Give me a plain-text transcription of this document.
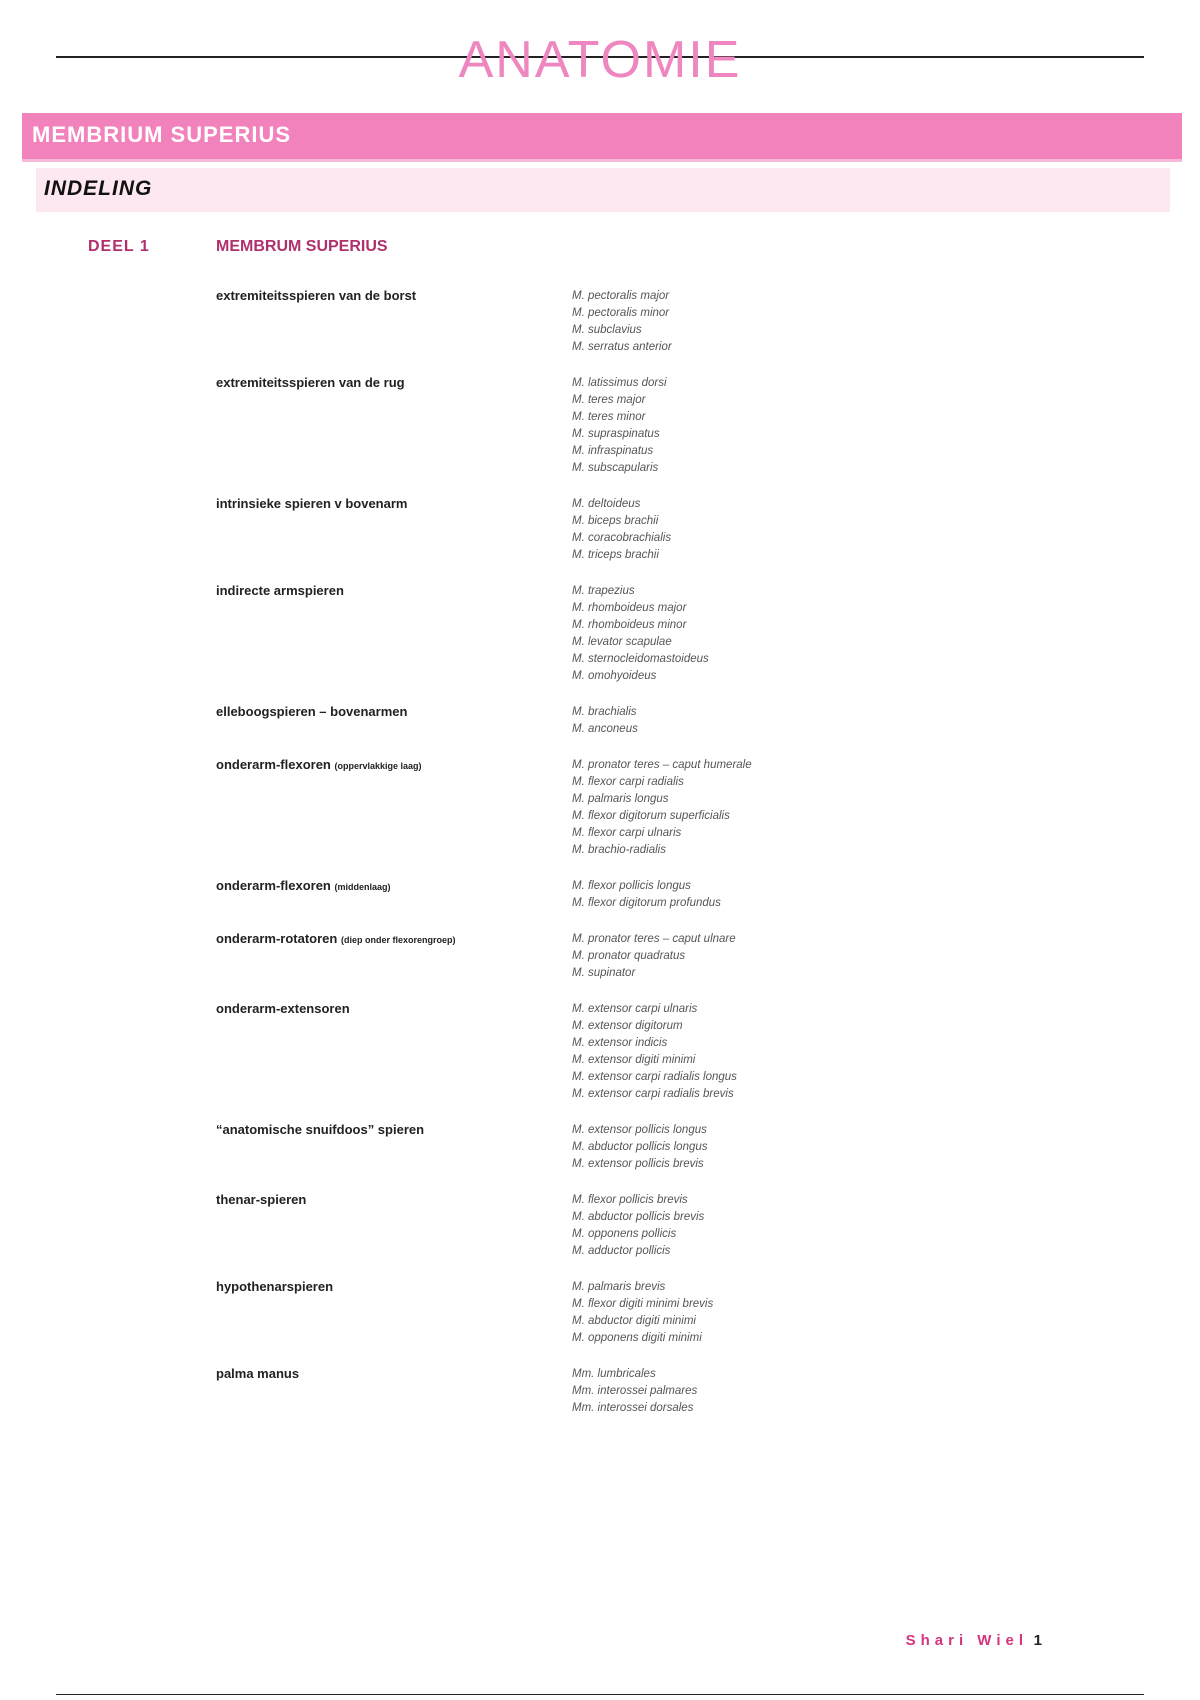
ANATOMIE
MEMBRIUM SUPERIUS
INDELING
DEEL 1	MEMBRUM SUPERIUS
extremiteitsspieren van de borst	M. pectoralis major
M. pectoralis minor
M. subclavius
M. serratus anterior
extremiteitsspieren van de rug	M. latissimus dorsi
M. teres major
M. teres minor
M. supraspinatus
M. infraspinatus
M. subscapularis
intrinsieke spieren v bovenarm	M. deltoideus
M. biceps brachii
M. coracobrachialis
M. triceps brachii
indirecte armspieren	M. trapezius
M. rhomboideus major
M. rhomboideus minor
M. levator scapulae
M. sternocleidomastoideus
M. omohyoideus
elleboogspieren – bovenarmen	M. brachialis
M. anconeus
onderarm-flexoren (oppervlakkige laag)	M. pronator teres – caput humerale
M. flexor carpi radialis
M. palmaris longus
M. flexor digitorum superficialis
M. flexor carpi ulnaris
M. brachio-radialis
onderarm-flexoren (middenlaag)	M. flexor pollicis longus
M. flexor digitorum profundus
onderarm-rotatoren (diep onder flexorengroep)	M. pronator teres – caput ulnare
M. pronator quadratus
M. supinator
onderarm-extensoren	M. extensor carpi ulnaris
M. extensor digitorum
M. extensor indicis
M. extensor digiti minimi
M. extensor carpi radialis longus
M. extensor carpi radialis brevis
“anatomische snuifdoos” spieren	M. extensor pollicis longus
M. abductor pollicis longus
M. extensor pollicis brevis
thenar-spieren	M. flexor pollicis brevis
M. abductor pollicis brevis
M. opponens pollicis
M. adductor pollicis
hypothenarspieren	M. palmaris brevis
M. flexor digiti minimi brevis
M. abductor digiti minimi
M. opponens digiti minimi
palma manus	Mm. lumbricales
Mm. interossei palmares
Mm. interossei dorsales
Shari Wiel 1
